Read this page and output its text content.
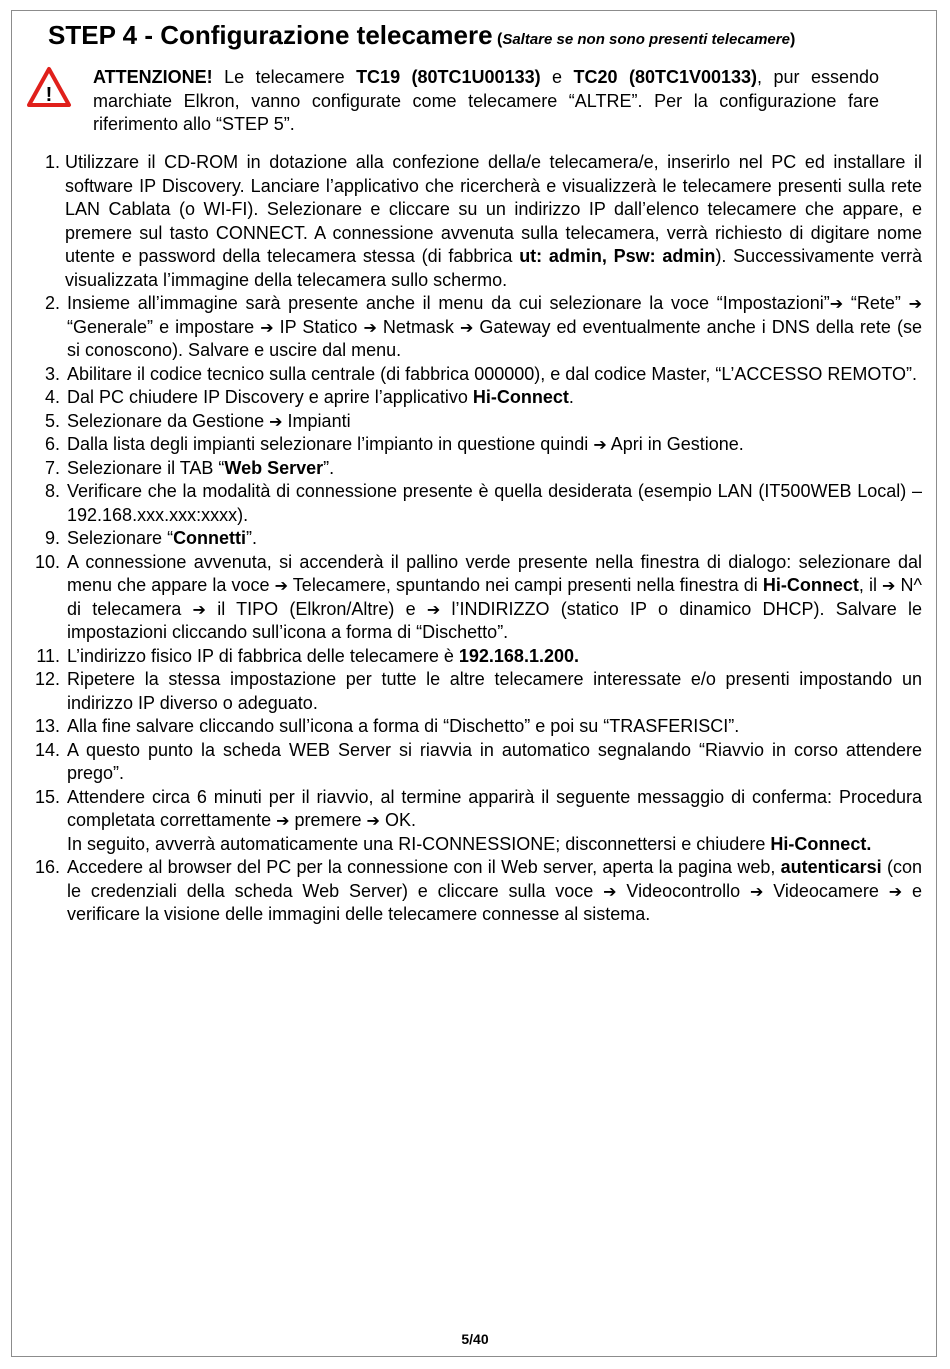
STEP 4 - Configurazione telecamere (Saltare se non sono presenti telecamere)
!
ATTENZIONE! Le telecamere TC19 (80TC1U00133) e TC20 (80TC1V00133), pur essendo marchiate Elkron, vanno configurate come telecamere “ALTRE”. Per la configurazione fare riferimento allo “STEP 5”.
1. Utilizzare il CD-ROM in dotazione alla confezione della/e telecamera/e, inserirlo nel PC ed installare il software IP Discovery. Lanciare l’applicativo che ricercherà e visualizzerà le telecamere presenti sulla rete LAN Cablata (o WI-FI). Selezionare e cliccare su un indirizzo IP dall’elenco telecamere che appare, e premere sul tasto CONNECT. A connessione avvenuta sulla telecamera, verrà richiesto di digitare nome utente e password della telecamera stessa (di fabbrica ut: admin, Psw: admin). Successivamente verrà visualizzata l’immagine della telecamera sullo schermo.
2. Insieme all’immagine sarà presente anche il menu da cui selezionare la voce “Impostazioni”➔ “Rete” ➔ “Generale” e impostare ➔ IP Statico ➔ Netmask ➔ Gateway ed eventualmente anche i DNS della rete (se si conoscono). Salvare e uscire dal menu.
3. Abilitare il codice tecnico sulla centrale (di fabbrica 000000), e dal codice Master, “L’ACCESSO REMOTO”.
4. Dal PC chiudere IP Discovery e aprire l’applicativo Hi-Connect.
5. Selezionare da Gestione ➔ Impianti
6. Dalla lista degli impianti selezionare l’impianto in questione quindi ➔ Apri in Gestione.
7. Selezionare il TAB “Web Server”.
8. Verificare che la modalità di connessione presente è quella desiderata (esempio LAN (IT500WEB Local) – 192.168.xxx.xxx:xxxx).
9. Selezionare “Connetti”.
10. A connessione avvenuta, si accenderà il pallino verde presente nella finestra di dialogo: selezionare dal menu che appare la voce ➔ Telecamere, spuntando nei campi presenti nella finestra di Hi-Connect, il ➔ N^ di telecamera ➔ il TIPO (Elkron/Altre) e ➔ l’INDIRIZZO (statico IP o dinamico DHCP). Salvare le impostazioni cliccando sull’icona a forma di “Dischetto”.
11. L’indirizzo fisico IP di fabbrica delle telecamere è 192.168.1.200.
12. Ripetere la stessa impostazione per tutte le altre telecamere interessate e/o presenti impostando un indirizzo IP diverso o adeguato.
13. Alla fine salvare cliccando sull’icona a forma di “Dischetto” e poi su “TRASFERISCI”.
14. A questo punto la scheda WEB Server si riavvia in automatico segnalando “Riavvio in corso attendere prego”.
15. Attendere circa 6 minuti per il riavvio, al termine apparirà il seguente messaggio di conferma: Procedura completata correttamente ➔ premere ➔ OK.
In seguito, avverrà automaticamente una RI-CONNESSIONE; disconnettersi e chiudere Hi-Connect.
16. Accedere al browser del PC per la connessione con il Web server, aperta la pagina web, autenticarsi (con le credenziali della scheda Web Server) e cliccare sulla voce ➔ Videocontrollo ➔ Videocamere ➔ e verificare la visione delle immagini delle telecamere connesse al sistema.
5/40
